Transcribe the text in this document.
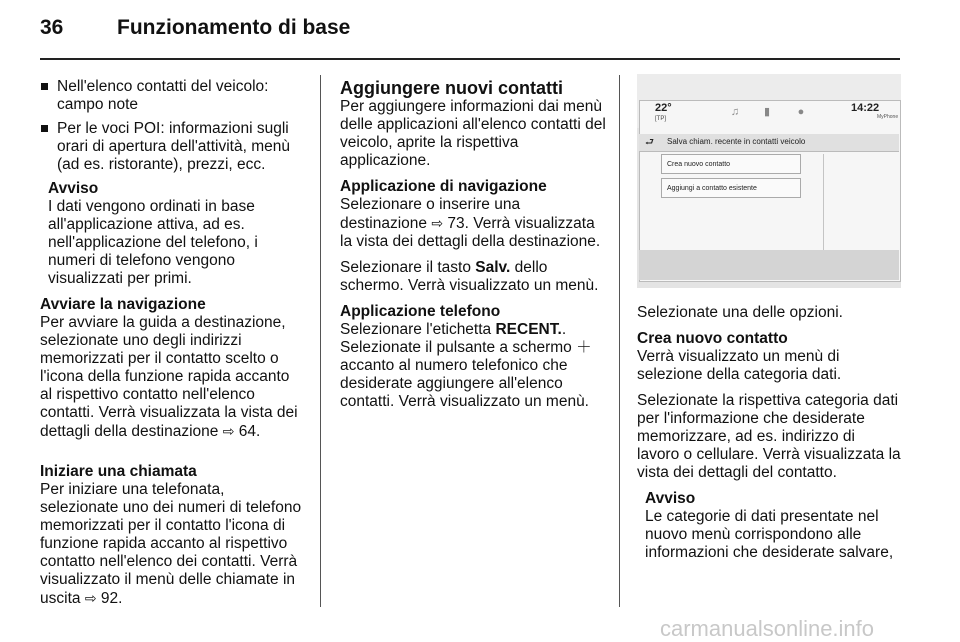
36	Funzionamento di base
Nell'elenco contatti del veicolo: campo note
Per le voci POI: informazioni sugli orari di apertura dell'attività, menù (ad es. ristorante), prezzi, ecc.
Avviso
I dati vengono ordinati in base all'applicazione attiva, ad es. nell'applicazione del telefono, i numeri di telefono vengono visualizzati per primi.

Avviare la navigazione
Per avviare la guida a destinazione, selezionate uno degli indirizzi memorizzati per il contatto scelto o l'icona della funzione rapida accanto al rispettivo contatto nell'elenco contatti. Verrà visualizzata la vista dei dettagli della destinazione ⇨ 64.

Iniziare una chiamata
Per iniziare una telefonata, selezionate uno dei numeri di telefono memorizzati per il contatto l'icona di funzione rapida accanto al rispettivo contatto nell'elenco dei contatti. Verrà visualizzato il menù delle chiamate in uscita ⇨ 92.

Aggiungere nuovi contatti

Per aggiungere informazioni dai menù delle applicazioni all'elenco contatti del veicolo, aprite la rispettiva applicazione.

Applicazione di navigazione
Selezionare o inserire una destinazione ⇨ 73. Verrà visualizzata la vista dei dettagli della destinazione.

Selezionare il tasto Salv. dello schermo. Verrà visualizzato un menù.

Applicazione telefono
Selezionare l'etichetta RECENT.. Selezionate il pulsante a schermo ＋ accanto al numero telefonico che desiderate aggiungere all'elenco contatti. Verrà visualizzato un menù.

22°
[TP]
♫ ▮	●	14:22
MyPhone
⮐ Salva chiam. recente in contatti veicolo
Crea nuovo contatto
Aggiungi a contatto esistente

Selezionate una delle opzioni.

Crea nuovo contatto
Verrà visualizzato un menù di selezione della categoria dati.

Selezionate la rispettiva categoria dati per l'informazione che desiderate memorizzare, ad es. indirizzo di lavoro o cellulare. Verrà visualizzata la vista dei dettagli del contatto.

Avviso
Le categorie di dati presentate nel nuovo menù corrispondono alle informazioni che desiderate salvare,
carmanualsonline.info
